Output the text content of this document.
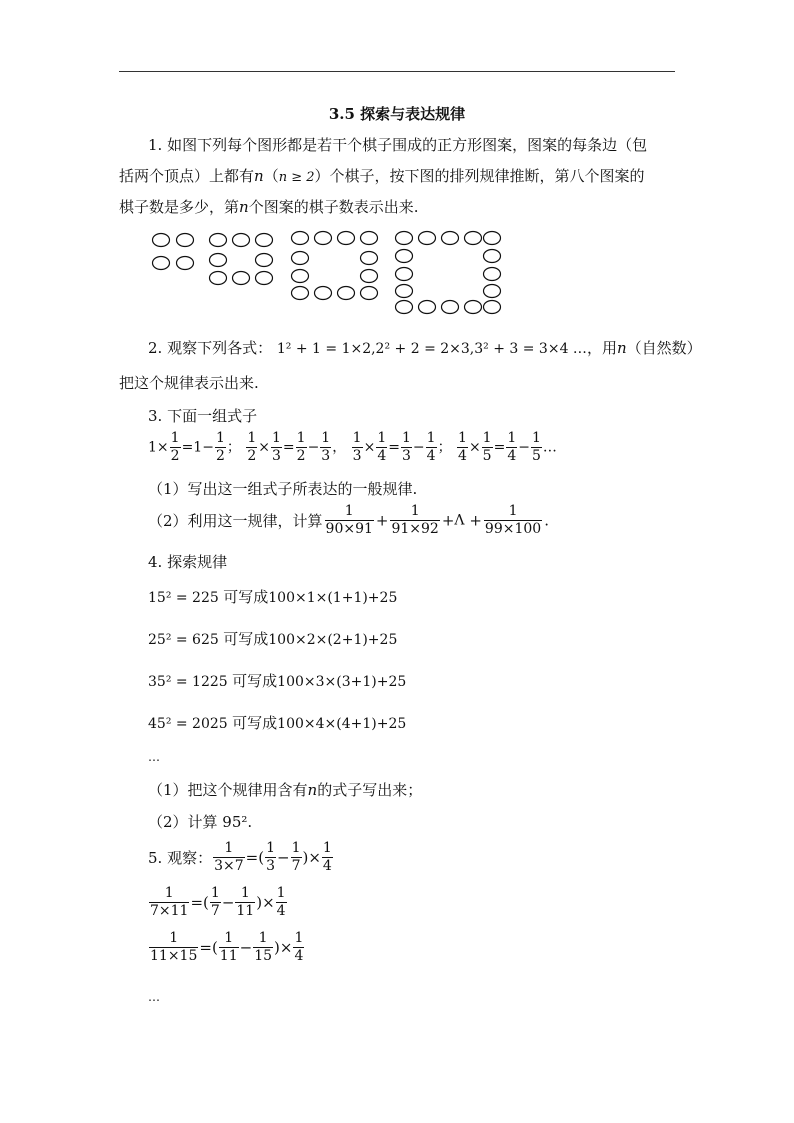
3.5 探索与表达规律
1. 如图下列每个图形都是若干个棋子围成的正方形图案，图案的每条边（包
括两个顶点）上都有n（n ≥ 2）个棋子，按下图的排列规律推断，第八个图案的
棋子数是多少，第n个图案的棋子数表示出来.
2. 观察下列各式： 1² + 1 = 1×2,2² + 2 = 2×3,3² + 3 = 3×4 …，用n（自然数）
把这个规律表示出来.
3. 下面一组式子
$1\times \frac{1}{2} =1- \frac{1}{2}$ ； $\frac{1}{2} \times \frac{1}{3} = \frac{1}{2} - \frac{1}{3}$ ， $\frac{1}{3} \times \frac{1}{4} = \frac{1}{3} - \frac{1}{4}$ ； $\frac{1}{4} \times \frac{1}{5} = \frac{1}{4} - \frac{1}{5}$ …
（1）写出这一组式子所表达的一般规律.
（2）利用这一规律，计算 $\frac{1}{90\times 91} + \frac{1}{91\times 92} +\Lambda + \frac{1}{99\times 100}$ .
4. 探索规律
15² = 225 可写成100×1×(1+1)+25
25² = 625 可写成100×2×(2+1)+25
35² = 1225 可写成100×3×(3+1)+25
45² = 2025 可写成100×4×(4+1)+25
…
（1）把这个规律用含有n的式子写出来；
（2）计算 95².
5. 观察： $\frac{1}{3\times 7}$ =( $\frac{1}{3} - \frac{1}{7}$ )× $\frac{1}{4}$
$\frac{1}{7\times 11}$ =( $\frac{1}{7} - \frac{1}{11}$ )× $\frac{1}{4}$
$\frac{1}{11\times 15}$ =( $\frac{1}{11} - \frac{1}{15}$ )× $\frac{1}{4}$
…
